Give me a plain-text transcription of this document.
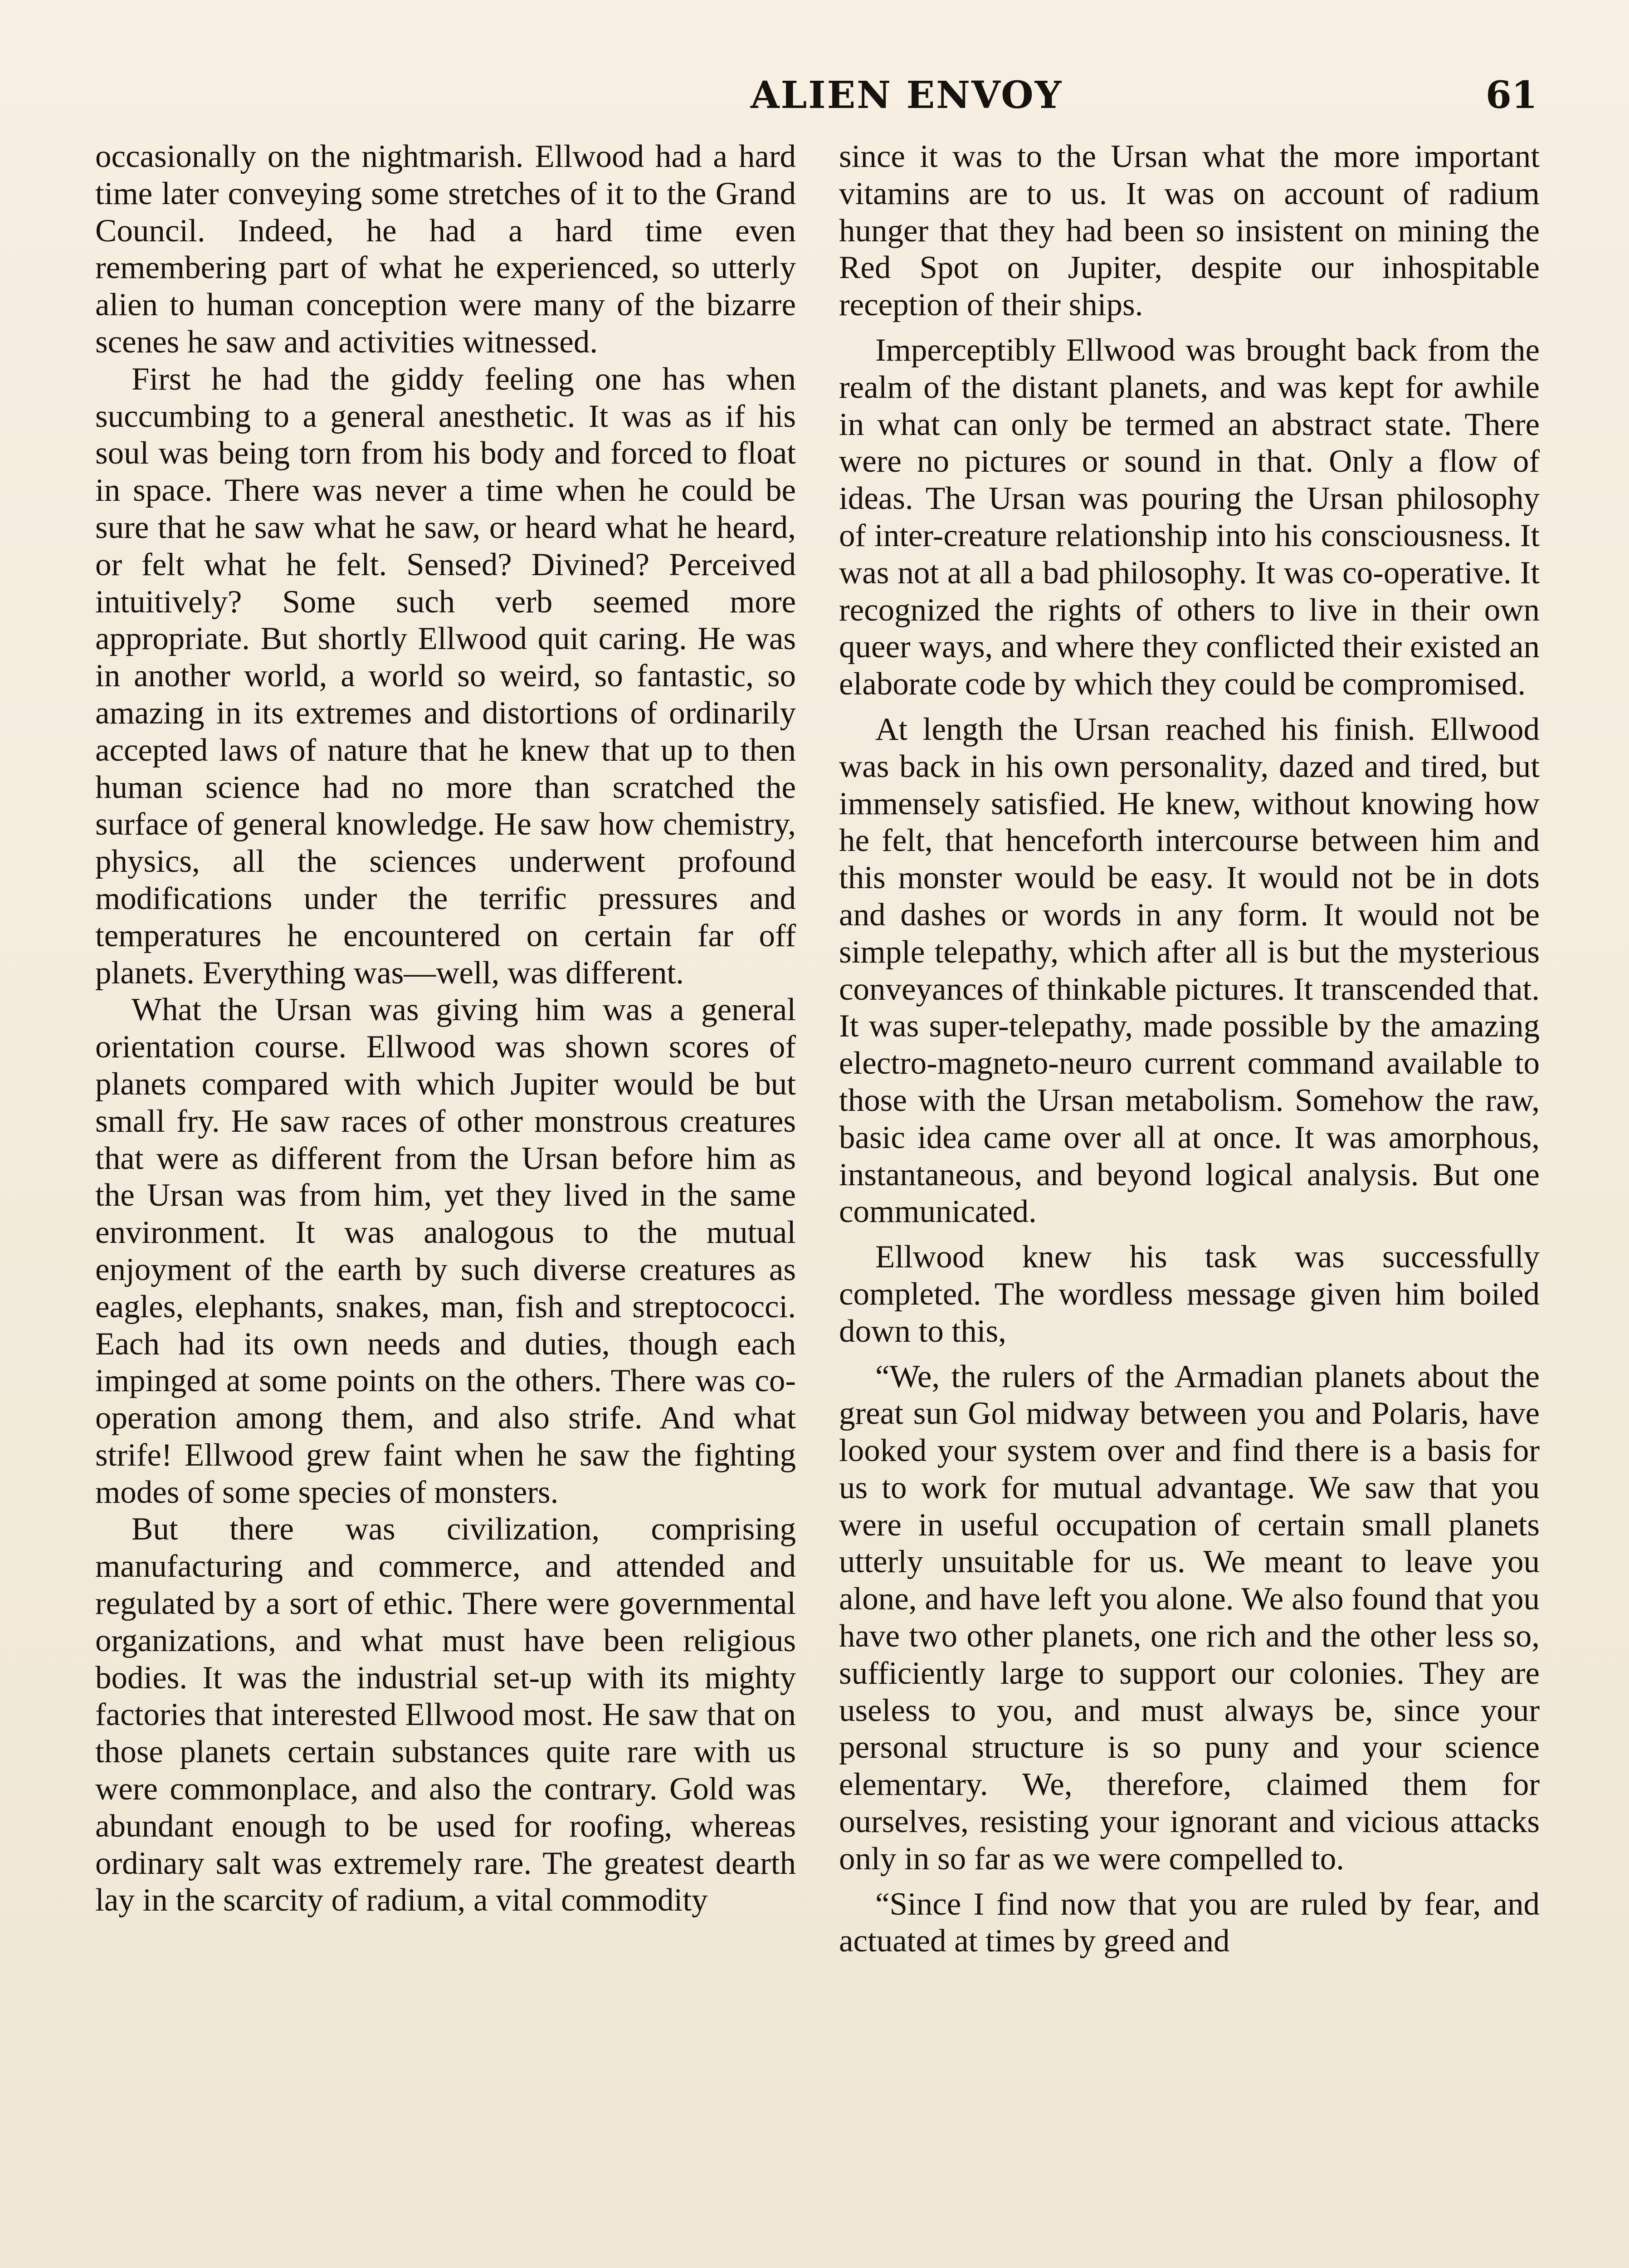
ALIEN ENVOY	61

occasionally on the nightmarish. Ellwood had a hard time later conveying some stretches of it to the Grand Council. Indeed, he had a hard time even remembering part of what he experienced, so utterly alien to human conception were many of the bizarre scenes he saw and activities witnessed.

First he had the giddy feeling one has when succumbing to a general anesthetic. It was as if his soul was being torn from his body and forced to float in space. There was never a time when he could be sure that he saw what he saw, or heard what he heard, or felt what he felt. Sensed? Divined? Perceived intuitively? Some such verb seemed more appropriate. But shortly Ellwood quit caring. He was in another world, a world so weird, so fantastic, so amazing in its extremes and distortions of ordinarily accepted laws of nature that he knew that up to then human science had no more than scratched the surface of general knowledge. He saw how chemistry, physics, all the sciences underwent profound modifications under the terrific pressures and temperatures he encountered on certain far off planets. Everything was—well, was different.

What the Ursan was giving him was a general orientation course. Ellwood was shown scores of planets compared with which Jupiter would be but small fry. He saw races of other monstrous creatures that were as different from the Ursan before him as the Ursan was from him, yet they lived in the same environment. It was analogous to the mutual enjoyment of the earth by such diverse creatures as eagles, elephants, snakes, man, fish and streptococci. Each had its own needs and duties, though each impinged at some points on the others. There was co-operation among them, and also strife. And what strife! Ellwood grew faint when he saw the fighting modes of some species of monsters.

But there was civilization, comprising manufacturing and commerce, and attended and regulated by a sort of ethic. There were governmental organizations, and what must have been religious bodies. It was the industrial set-up with its mighty factories that interested Ellwood most. He saw that on those planets certain substances quite rare with us were commonplace, and also the contrary. Gold was abundant enough to be used for roofing, whereas ordinary salt was extremely rare. The greatest dearth lay in the scarcity of radium, a vital commodity

since it was to the Ursan what the more important vitamins are to us. It was on account of radium hunger that they had been so insistent on mining the Red Spot on Jupiter, despite our inhospitable reception of their ships.

Imperceptibly Ellwood was brought back from the realm of the distant planets, and was kept for awhile in what can only be termed an abstract state. There were no pictures or sound in that. Only a flow of ideas. The Ursan was pouring the Ursan philosophy of inter-creature relationship into his consciousness. It was not at all a bad philosophy. It was co-operative. It recognized the rights of others to live in their own queer ways, and where they conflicted their existed an elaborate code by which they could be compromised.

At length the Ursan reached his finish. Ellwood was back in his own personality, dazed and tired, but immensely satisfied. He knew, without knowing how he felt, that henceforth intercourse between him and this monster would be easy. It would not be in dots and dashes or words in any form. It would not be simple telepathy, which after all is but the mysterious conveyances of thinkable pictures. It transcended that. It was super-telepathy, made possible by the amazing electro-magneto-neuro current command available to those with the Ursan metabolism. Somehow the raw, basic idea came over all at once. It was amorphous, instantaneous, and beyond logical analysis. But one communicated.

Ellwood knew his task was successfully completed. The wordless message given him boiled down to this,

“We, the rulers of the Armadian planets about the great sun Gol midway between you and Polaris, have looked your system over and find there is a basis for us to work for mutual advantage. We saw that you were in useful occupation of certain small planets utterly unsuitable for us. We meant to leave you alone, and have left you alone. We also found that you have two other planets, one rich and the other less so, sufficiently large to support our colonies. They are useless to you, and must always be, since your personal structure is so puny and your science elementary. We, therefore, claimed them for ourselves, resisting your ignorant and vicious attacks only in so far as we were compelled to.

“Since I find now that you are ruled by fear, and actuated at times by greed and
